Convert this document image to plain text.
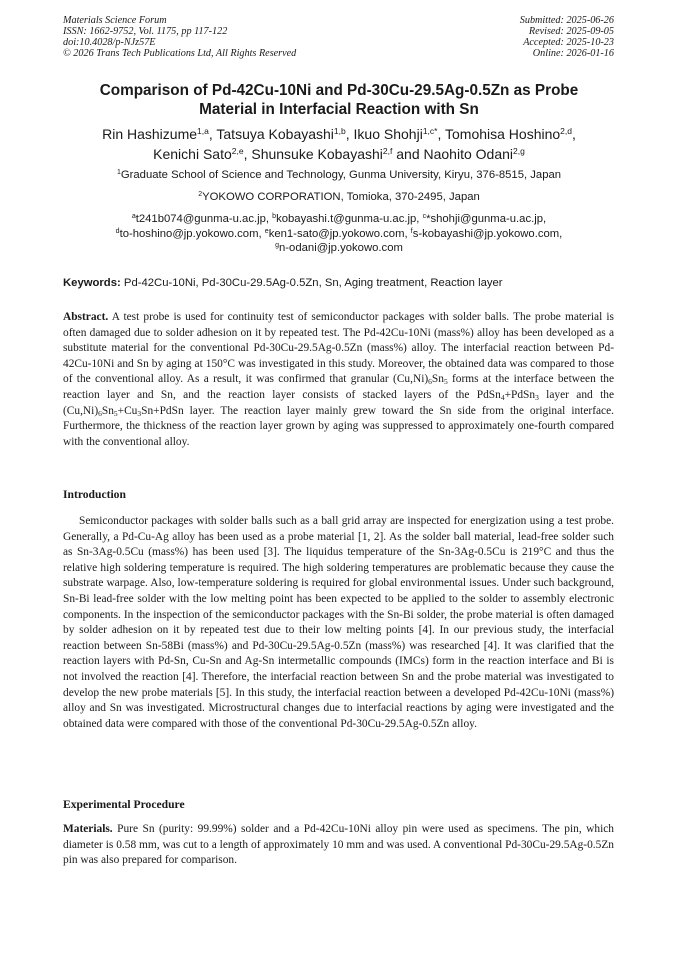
Materials Science Forum
ISSN: 1662-9752, Vol. 1175, pp 117-122
doi:10.4028/p-NJz57E
© 2026 Trans Tech Publications Ltd, All Rights Reserved
Submitted: 2025-06-26
Revised: 2025-09-05
Accepted: 2025-10-23
Online: 2026-01-16
Comparison of Pd-42Cu-10Ni and Pd-30Cu-29.5Ag-0.5Zn as Probe
Material in Interfacial Reaction with Sn
Rin Hashizume$^{1,a}$, Tatsuya Kobayashi$^{1,b}$, Ikuo Shohji$^{1,c*}$, Tomohisa Hoshino$^{2,d}$,
Kenichi Sato$^{2,e}$, Shunsuke Kobayashi$^{2,f}$ and Naohito Odani$^{2,g}$
$^1$Graduate School of Science and Technology, Gunma University, Kiryu, 376-8515, Japan
$^2$YOKOWO CORPORATION, Tomioka, 370-2495, Japan
$^a$t241b074@gunma-u.ac.jp, $^b$kobayashi.t@gunma-u.ac.jp, $^c$*shohji@gunma-u.ac.jp,
$^d$to-hoshino@jp.yokowo.com, $^e$ken1-sato@jp.yokowo.com, $^f$s-kobayashi@jp.yokowo.com,
$^g$n-odani@jp.yokowo.com
Keywords: Pd-42Cu-10Ni, Pd-30Cu-29.5Ag-0.5Zn, Sn, Aging treatment, Reaction layer
Abstract. A test probe is used for continuity test of semiconductor packages with solder balls. The probe material is often damaged due to solder adhesion on it by repeated test. The Pd-42Cu-10Ni (mass%) alloy has been developed as a substitute material for the conventional Pd-30Cu-29.5Ag-0.5Zn (mass%) alloy. The interfacial reaction between Pd-42Cu-10Ni and Sn by aging at 150°C was investigated in this study. Moreover, the obtained data was compared to those of the conventional alloy. As a result, it was confirmed that granular $(Cu,Ni)_6Sn_5$ forms at the interface between the reaction layer and Sn, and the reaction layer consists of stacked layers of the PdSn$_4$+PdSn$_3$ layer and the $(Cu,Ni)_6Sn_5+Cu_3Sn+PdSn$ layer. The reaction layer mainly grew toward the Sn side from the original interface. Furthermore, the thickness of the reaction layer grown by aging was suppressed to approximately one-fourth compared with the conventional alloy.
Introduction
Semiconductor packages with solder balls such as a ball grid array are inspected for energization using a test probe. Generally, a Pd-Cu-Ag alloy has been used as a probe material [1, 2]. As the solder ball material, lead-free solder such as Sn-3Ag-0.5Cu (mass%) has been used [3]. The liquidus temperature of the Sn-3Ag-0.5Cu is 219°C and thus the relative high soldering temperature is required. The high soldering temperatures are problematic because they cause the substrate warpage. Also, low-temperature soldering is required for global environmental issues. Under such background, Sn-Bi lead-free solder with the low melting point has been expected to be applied to the solder to assembly electronic components. In the inspection of the semiconductor packages with the Sn-Bi solder, the probe material is often damaged by solder adhesion on it by repeated test due to their low melting points [4]. In our previous study, the interfacial reaction between Sn-58Bi (mass%) and Pd-30Cu-29.5Ag-0.5Zn (mass%) was researched [4]. It was clarified that the reaction layers with Pd-Sn, Cu-Sn and Ag-Sn intermetallic compounds (IMCs) form in the reaction interface and Bi is not involved the reaction [4]. Therefore, the interfacial reaction between Sn and the probe material was investigated to develop the new probe materials [5]. In this study, the interfacial reaction between a developed Pd-42Cu-10Ni (mass%) alloy and Sn was investigated. Microstructural changes due to interfacial reactions by aging were investigated and the obtained data were compared with those of the conventional Pd-30Cu-29.5Ag-0.5Zn alloy.
Experimental Procedure
Materials. Pure Sn (purity: 99.99%) solder and a Pd-42Cu-10Ni alloy pin were used as specimens. The pin, which diameter is 0.58 mm, was cut to a length of approximately 10 mm and was used. A conventional Pd-30Cu-29.5Ag-0.5Zn pin was also prepared for comparison.
